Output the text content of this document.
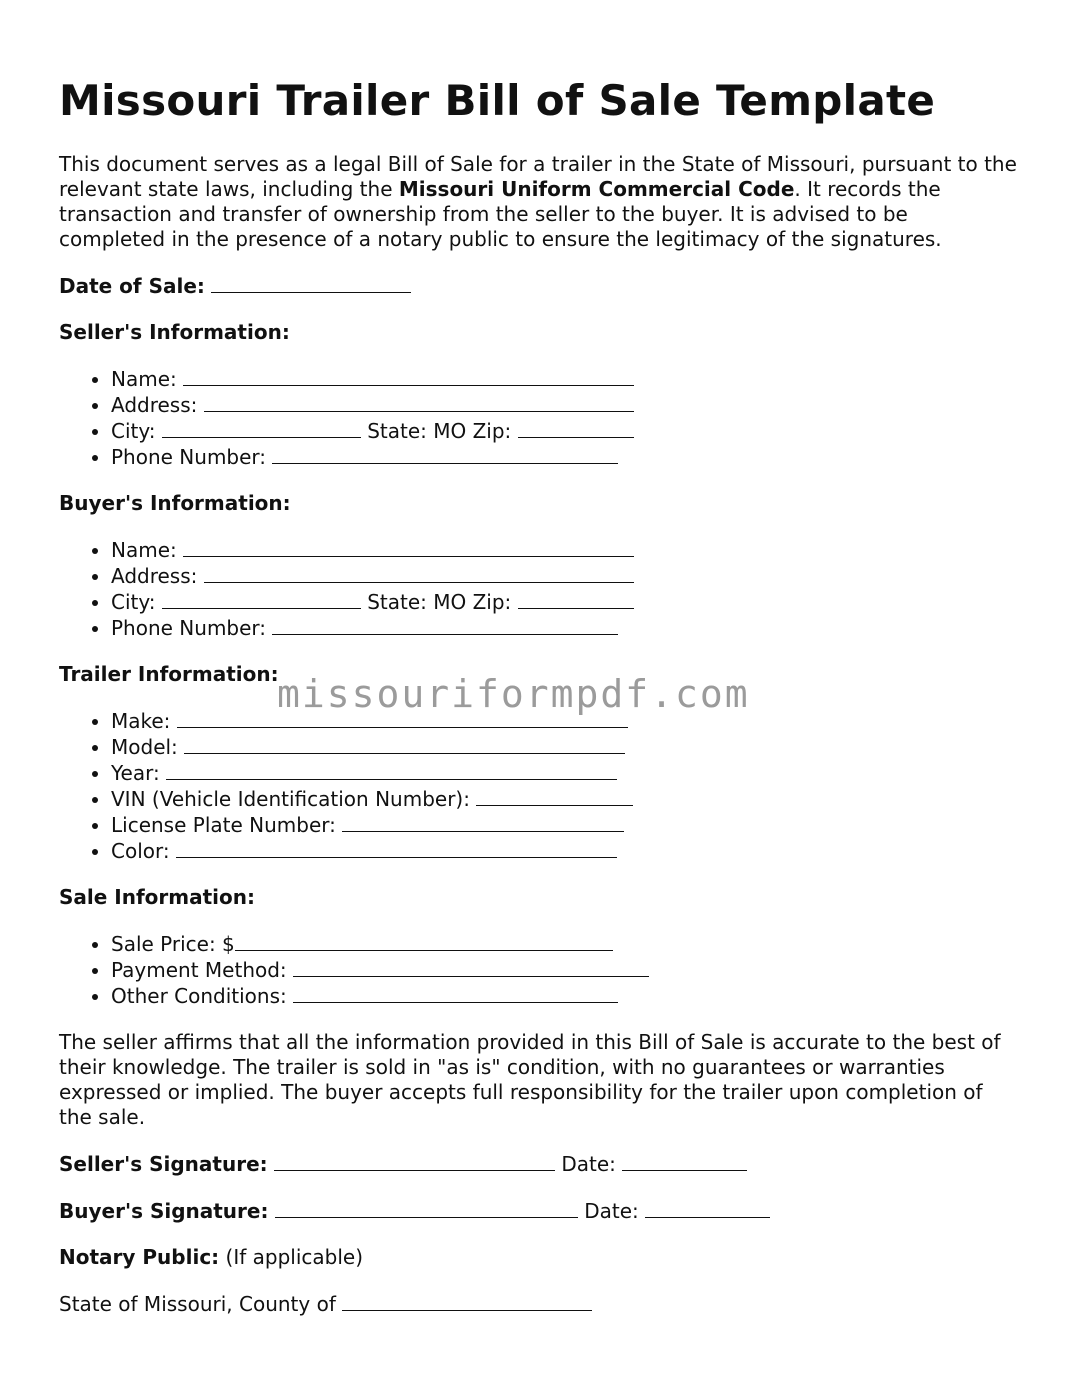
Missouri Trailer Bill of Sale Template

This document serves as a legal Bill of Sale for a trailer in the State of Missouri, pursuant to the relevant state laws, including the Missouri Uniform Commercial Code. It records the transaction and transfer of ownership from the seller to the buyer. It is advised to be completed in the presence of a notary public to ensure the legitimacy of the signatures.

Date of Sale:

Seller's Information:

• Name:
• Address:
• City:	State: MO Zip:
• Phone Number:

Buyer's Information:

• Name:
• Address:
• City:	State: MO Zip:
• Phone Number:

Trailer Information:

• Make:
• Model:
• Year:
• VIN (Vehicle Identification Number):
• License Plate Number:
• Color:

Sale Information:

• Sale Price: $
• Payment Method:
• Other Conditions:

The seller affirms that all the information provided in this Bill of Sale is accurate to the best of their knowledge. The trailer is sold in "as is" condition, with no guarantees or warranties expressed or implied. The buyer accepts full responsibility for the trailer upon completion of the sale.

Seller's Signature:	Date:

Buyer's Signature:	Date:

Notary Public: (If applicable)

State of Missouri, County of

missouriformpdf.com
